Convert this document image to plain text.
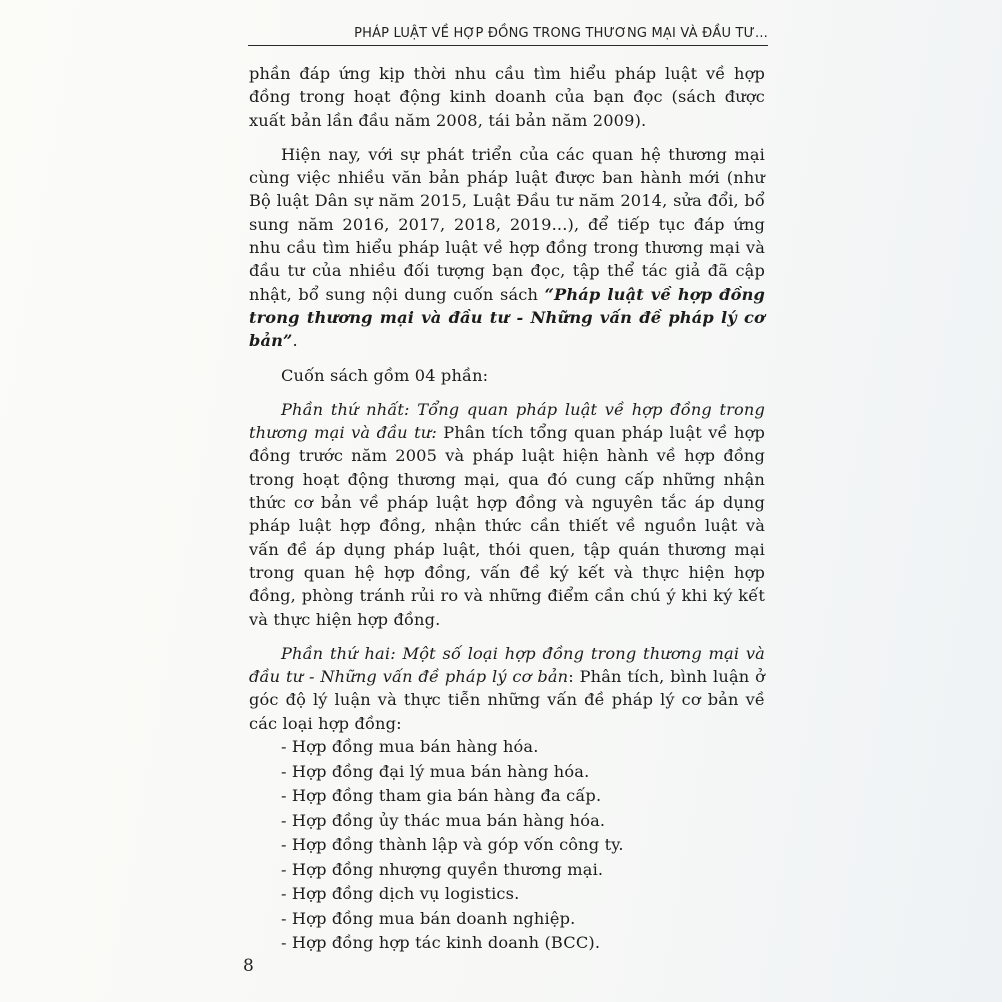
PHÁP LUẬT VỀ HỢP ĐỒNG TRONG THƯƠNG MẠI VÀ ĐẦU TƯ...

phần đáp ứng kịp thời nhu cầu tìm hiểu pháp luật về hợp đồng trong hoạt động kinh doanh của bạn đọc (sách được xuất bản lần đầu năm 2008, tái bản năm 2009).

Hiện nay, với sự phát triển của các quan hệ thương mại cùng việc nhiều văn bản pháp luật được ban hành mới (như Bộ luật Dân sự năm 2015, Luật Đầu tư năm 2014, sửa đổi, bổ sung năm 2016, 2017, 2018, 2019...), để tiếp tục đáp ứng nhu cầu tìm hiểu pháp luật về hợp đồng trong thương mại và đầu tư của nhiều đối tượng bạn đọc, tập thể tác giả đã cập nhật, bổ sung nội dung cuốn sách “Pháp luật về hợp đồng trong thương mại và đầu tư - Những vấn đề pháp lý cơ bản”.

Cuốn sách gồm 04 phần:

Phần thứ nhất: Tổng quan pháp luật về hợp đồng trong thương mại và đầu tư: Phân tích tổng quan pháp luật về hợp đồng trước năm 2005 và pháp luật hiện hành về hợp đồng trong hoạt động thương mại, qua đó cung cấp những nhận thức cơ bản về pháp luật hợp đồng và nguyên tắc áp dụng pháp luật hợp đồng, nhận thức cần thiết về nguồn luật và vấn đề áp dụng pháp luật, thói quen, tập quán thương mại trong quan hệ hợp đồng, vấn đề ký kết và thực hiện hợp đồng, phòng tránh rủi ro và những điểm cần chú ý khi ký kết và thực hiện hợp đồng.

Phần thứ hai: Một số loại hợp đồng trong thương mại và đầu tư - Những vấn đề pháp lý cơ bản: Phân tích, bình luận ở góc độ lý luận và thực tiễn những vấn đề pháp lý cơ bản về các loại hợp đồng:

- Hợp đồng mua bán hàng hóa.
- Hợp đồng đại lý mua bán hàng hóa.
- Hợp đồng tham gia bán hàng đa cấp.
- Hợp đồng ủy thác mua bán hàng hóa.
- Hợp đồng thành lập và góp vốn công ty.
- Hợp đồng nhượng quyền thương mại.
- Hợp đồng dịch vụ logistics.
- Hợp đồng mua bán doanh nghiệp.
- Hợp đồng hợp tác kinh doanh (BCC).
8
